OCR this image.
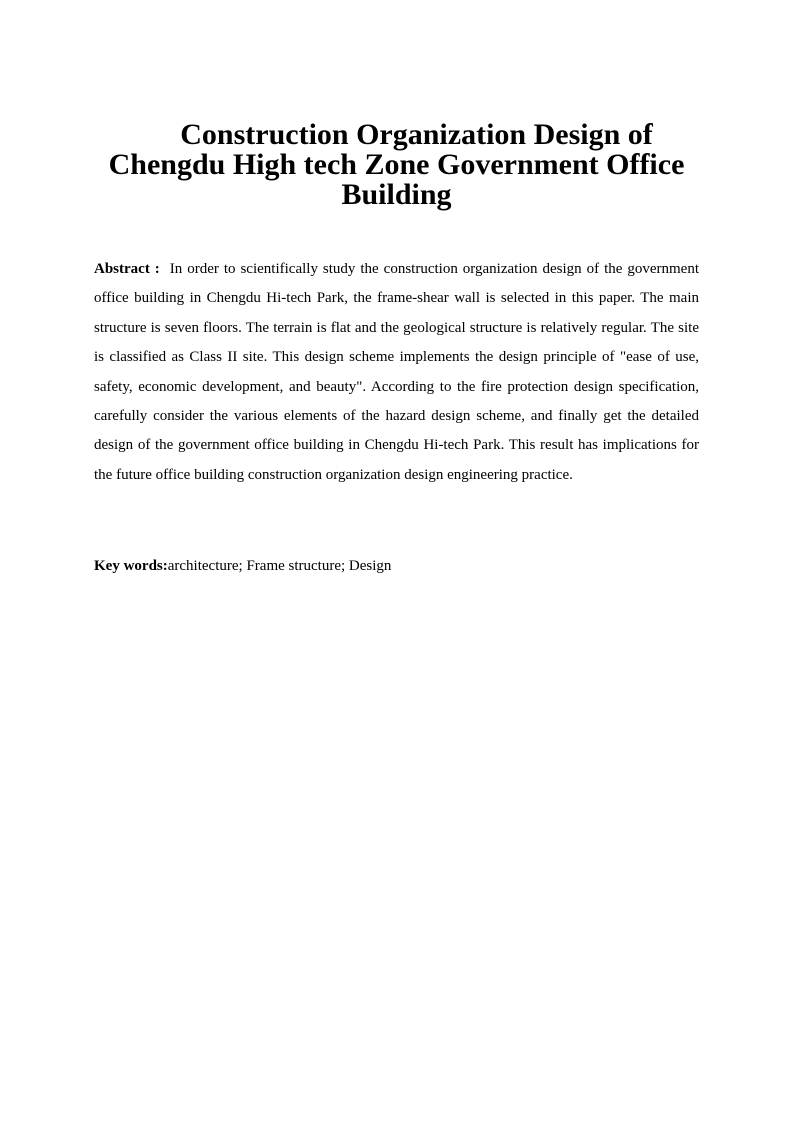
Construction Organization Design of Chengdu High tech Zone Government Office Building

Abstract : In order to scientifically study the construction organization design of the government office building in Chengdu Hi-tech Park, the frame-shear wall is selected in this paper. The main structure is seven floors. The terrain is flat and the geological structure is relatively regular. The site is classified as Class II site. This design scheme implements the design principle of "ease of use, safety, economic development, and beauty". According to the fire protection design specification, carefully consider the various elements of the hazard design scheme, and finally get the detailed design of the government office building in Chengdu Hi-tech Park. This result has implications for the future office building construction organization design engineering practice.

Key words:architecture; Frame structure; Design
